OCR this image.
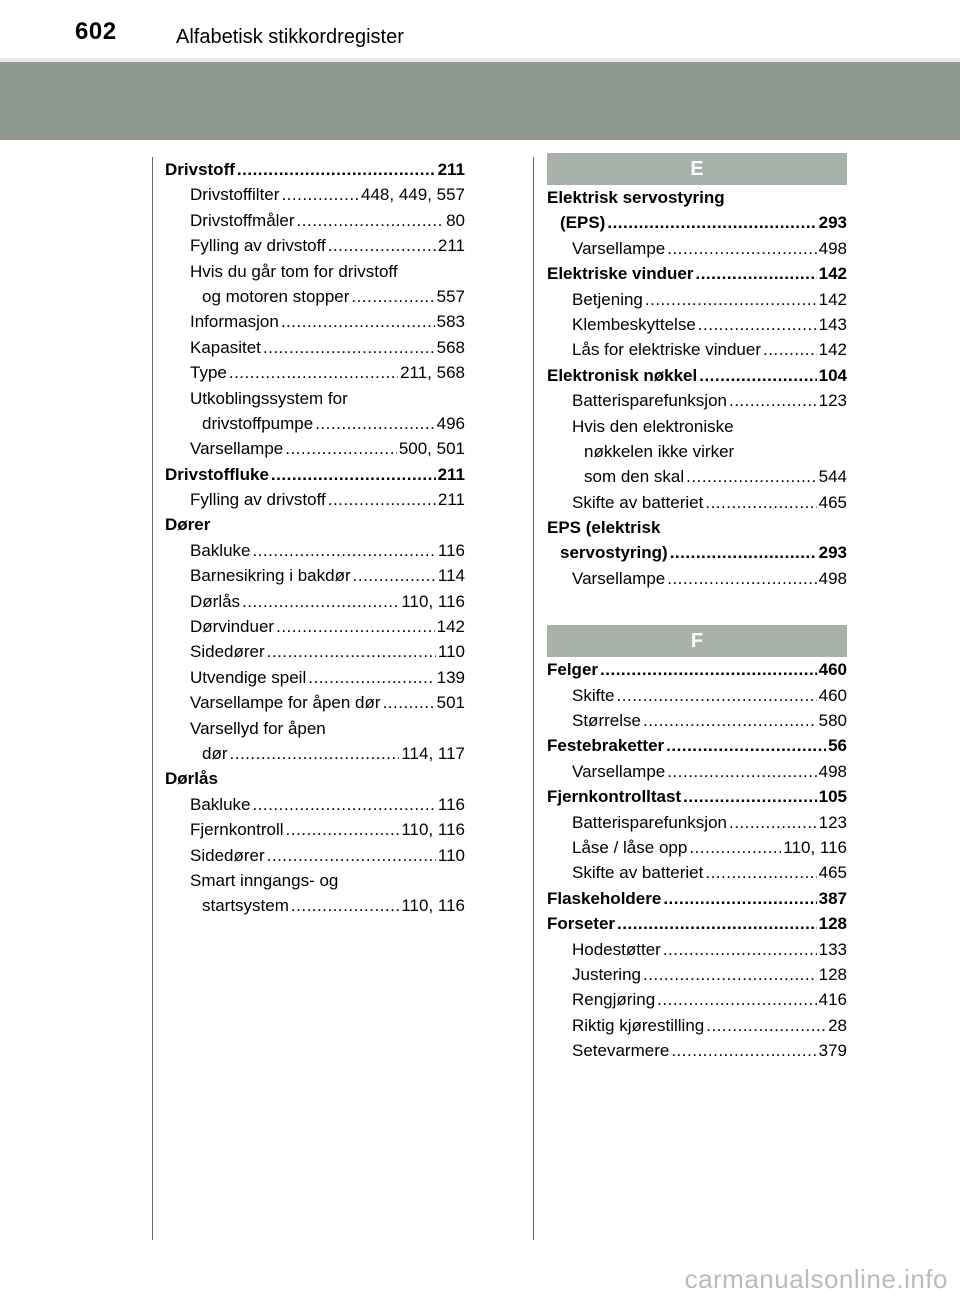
602	Alfabetisk stikkordregister
Drivstoff .....	211
Drivstoffilter .....	448, 449, 557
Drivstoffmåler .....	80
Fylling av drivstoff .....	211
Hvis du går tom for drivstoff
og motoren stopper .....	557
Informasjon .....	583
Kapasitet .....	568
Type .....	211, 568
Utkoblingssystem for
drivstoffpumpe .....	496
Varsellampe .....	500, 501
Drivstoffluke .....	211
Fylling av drivstoff .....	211
Dører
Bakluke .....	116
Barnesikring i bakdør .....	114
Dørlås .....	110, 116
Dørvinduer .....	142
Sidedører .....	110
Utvendige speil .....	139
Varsellampe for åpen dør .....	501
Varsellyd for åpen
dør .....	114, 117
Dørlås
Bakluke .....	116
Fjernkontroll .....	110, 116
Sidedører .....	110
Smart inngangs- og
startsystem .....	110, 116
E
Elektrisk servostyring
(EPS) .....	293
Varsellampe .....	498
Elektriske vinduer .....	142
Betjening .....	142
Klembeskyttelse .....	143
Lås for elektriske vinduer .....	142
Elektronisk nøkkel .....	104
Batterisparefunksjon .....	123
Hvis den elektroniske
nøkkelen ikke virker
som den skal .....	544
Skifte av batteriet .....	465
EPS (elektrisk
servostyring) .....	293
Varsellampe .....	498
F
Felger .....	460
Skifte .....	460
Størrelse .....	580
Festebraketter .....	56
Varsellampe .....	498
Fjernkontrolltast .....	105
Batterisparefunksjon .....	123
Låse / låse opp .....	110, 116
Skifte av batteriet .....	465
Flaskeholdere .....	387
Forseter .....	128
Hodestøtter .....	133
Justering .....	128
Rengjøring .....	416
Riktig kjørestilling .....	28
Setevarmere .....	379
carmanualsonline.info
